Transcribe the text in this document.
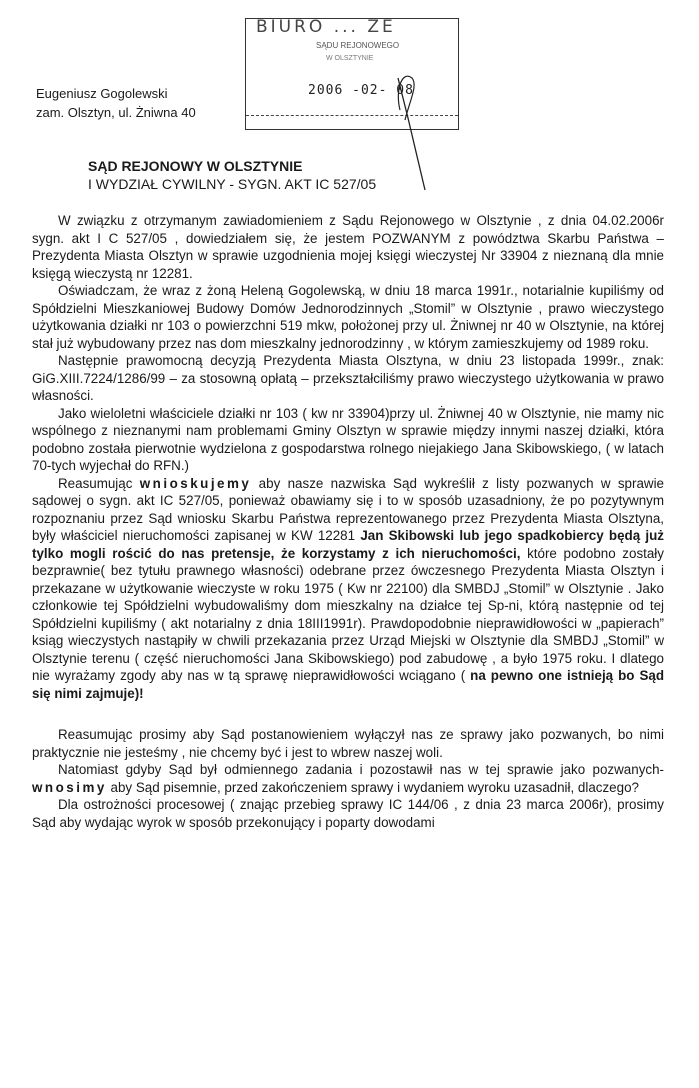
BIURO ... ZE
SĄDU REJONOWEGO
W OLSZTYNIE
2006 -02- 08
Eugeniusz Gogolewski
zam. Olsztyn, ul. Żniwna 40
SĄD REJONOWY W OLSZTYNIE
I WYDZIAŁ CYWILNY - SYGN. AKT IC 527/05

W związku z otrzymanym zawiadomieniem z Sądu Rejonowego w Olsztynie , z dnia 04.02.2006r sygn. akt I C 527/05 , dowiedziałem się, że jestem POZWANYM z powództwa Skarbu Państwa – Prezydenta Miasta Olsztyn w sprawie uzgodnienia mojej księgi wieczystej Nr 33904 z nieznaną dla mnie księgą wieczystą nr 12281.

Oświadczam, że wraz z żoną Heleną Gogolewską, w dniu 18 marca 1991r., notarialnie kupiliśmy od Spółdzielni Mieszkaniowej Budowy Domów Jednorodzinnych „Stomil” w Olsztynie , prawo wieczystego użytkowania działki nr 103 o powierzchni 519 mkw, położonej przy ul. Żniwnej nr 40 w Olsztynie, na której stał już wybudowany przez nas dom mieszkalny jednorodzinny , w którym zamieszkujemy od 1989 roku.

Następnie prawomocną decyzją Prezydenta Miasta Olsztyna, w dniu 23 listopada 1999r., znak: GiG.XIII.7224/1286/99 – za stosowną opłatą – przekształciliśmy prawo wieczystego użytkowania w prawo własności.

Jako wieloletni właściciele działki nr 103 ( kw nr 33904)przy ul. Żniwnej 40 w Olsztynie, nie mamy nic wspólnego z nieznanymi nam problemami Gminy Olsztyn w sprawie między innymi naszej działki, która podobno została pierwotnie wydzielona z gospodarstwa rolnego niejakiego Jana Skibowskiego, ( w latach 70-tych wyjechał do RFN.)

Reasumując wnioskujemy aby nasze nazwiska Sąd wykreślił z listy pozwanych w sprawie sądowej o sygn. akt IC 527/05, ponieważ obawiamy się i to w sposób uzasadniony, że po pozytywnym rozpoznaniu przez Sąd wniosku Skarbu Państwa reprezentowanego przez Prezydenta Miasta Olsztyna, były właściciel nieruchomości zapisanej w KW 12281 Jan Skibowski lub jego spadkobiercy będą już tylko mogli rościć do nas pretensje, że korzystamy z ich nieruchomości, które podobno zostały bezprawnie( bez tytułu prawnego własności) odebrane przez ówczesnego Prezydenta Miasta Olsztyn i przekazane w użytkowanie wieczyste w roku 1975 ( Kw nr 22100) dla SMBDJ „Stomil” w Olsztynie . Jako członkowie tej Spółdzielni wybudowaliśmy dom mieszkalny na działce tej Sp-ni, którą następnie od tej Spółdzielni kupiliśmy ( akt notarialny z dnia 18III1991r). Prawdopodobnie nieprawidłowości w „papierach” ksiąg wieczystych nastąpiły w chwili przekazania przez Urząd Miejski w Olsztynie dla SMBDJ „Stomil” w Olsztynie terenu ( część nieruchomości Jana Skibowskiego) pod zabudowę , a było 1975 roku. I dlatego nie wyrażamy zgody aby nas w tą sprawę nieprawidłowości wciągano ( na pewno one istnieją bo Sąd się nimi zajmuje)!

Reasumując prosimy aby Sąd postanowieniem wyłączył nas ze sprawy jako pozwanych, bo nimi praktycznie nie jesteśmy , nie chcemy być i jest to wbrew naszej woli.

Natomiast gdyby Sąd był odmiennego zadania i pozostawił nas w tej sprawie jako pozwanych- wnosimy aby Sąd pisemnie, przed zakończeniem sprawy i wydaniem wyroku uzasadnił, dlaczego?

Dla ostrożności procesowej ( znając przebieg sprawy IC 144/06 , z dnia 23 marca 2006r), prosimy Sąd aby wydając wyrok w sposób przekonujący i poparty dowodami
